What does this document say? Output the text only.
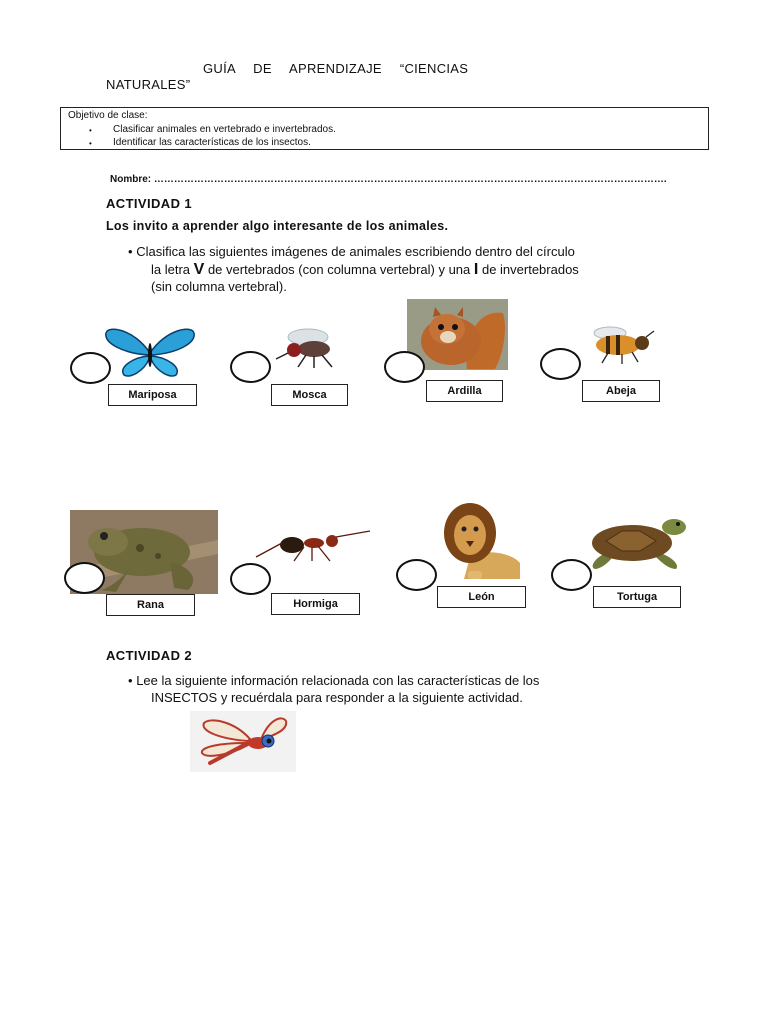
GUÍA DE APRENDIZAJE “CIENCIAS
NATURALES”
Objetivo de clase:
• Clasificar animales en vertebrado e invertebrados.
• Identificar las características de los insectos.
Nombre: ……………………………………………………………………………………………………………………………………….
ACTIVIDAD 1
Los invito a aprender algo interesante de los animales.
• Clasifica las siguientes imágenes de animales escribiendo dentro del círculo
la letra V de vertebrados (con columna vertebral) y una I de invertebrados
(sin columna vertebral).
Mariposa	Mosca	Ardilla	Abeja
Rana	Hormiga
León	Tortuga
ACTIVIDAD 2
• Lee la siguiente información relacionada con las características de los
INSECTOS y recuérdala para responder a la siguiente actividad.
